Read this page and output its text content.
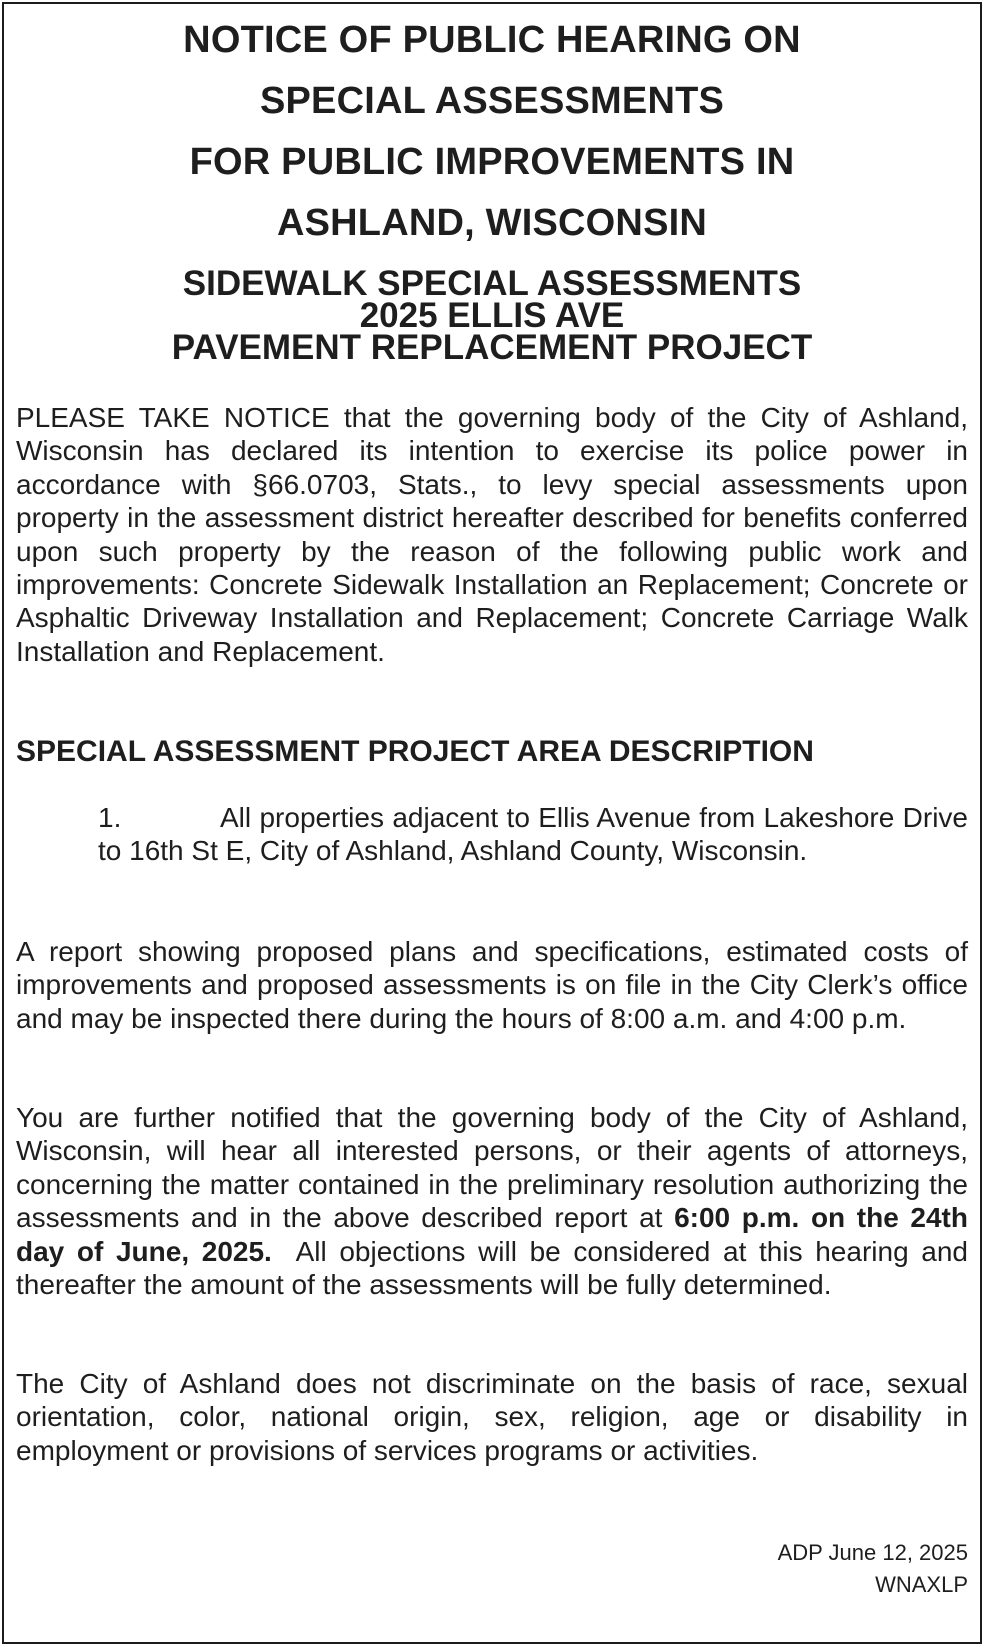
NOTICE OF PUBLIC HEARING ON
SPECIAL ASSESSMENTS
FOR PUBLIC IMPROVEMENTS IN
ASHLAND, WISCONSIN
SIDEWALK SPECIAL ASSESSMENTS
2025 ELLIS AVE
PAVEMENT REPLACEMENT PROJECT

PLEASE TAKE NOTICE that the governing body of the City of Ashland, Wisconsin has declared its intention to exercise its police power in accordance with §66.0703, Stats., to levy special assessments upon property in the assessment district hereafter described for benefits conferred upon such property by the reason of the following public work and improvements: Concrete Sidewalk Installation an Replacement; Concrete or Asphaltic Driveway Installation and Replacement; Concrete Carriage Walk Installation and Replacement.

SPECIAL ASSESSMENT PROJECT AREA DESCRIPTION

1.	All properties adjacent to Ellis Avenue from Lakeshore Drive to 16th St E, City of Ashland, Ashland County, Wisconsin.

A report showing proposed plans and specifications, estimated costs of improvements and proposed assessments is on file in the City Clerk’s office and may be inspected there during the hours of 8:00 a.m. and 4:00 p.m.

You are further notified that the governing body of the City of Ashland, Wisconsin, will hear all interested persons, or their agents of attorneys, concerning the matter contained in the preliminary resolution authorizing the assessments and in the above described report at 6:00 p.m. on the 24th day of June, 2025.  All objections will be considered at this hearing and thereafter the amount of the assessments will be fully determined.

The City of Ashland does not discriminate on the basis of race, sexual orientation, color, national origin, sex, religion, age or disability in employment or provisions of services programs or activities.

ADP June 12, 2025
WNAXLP
